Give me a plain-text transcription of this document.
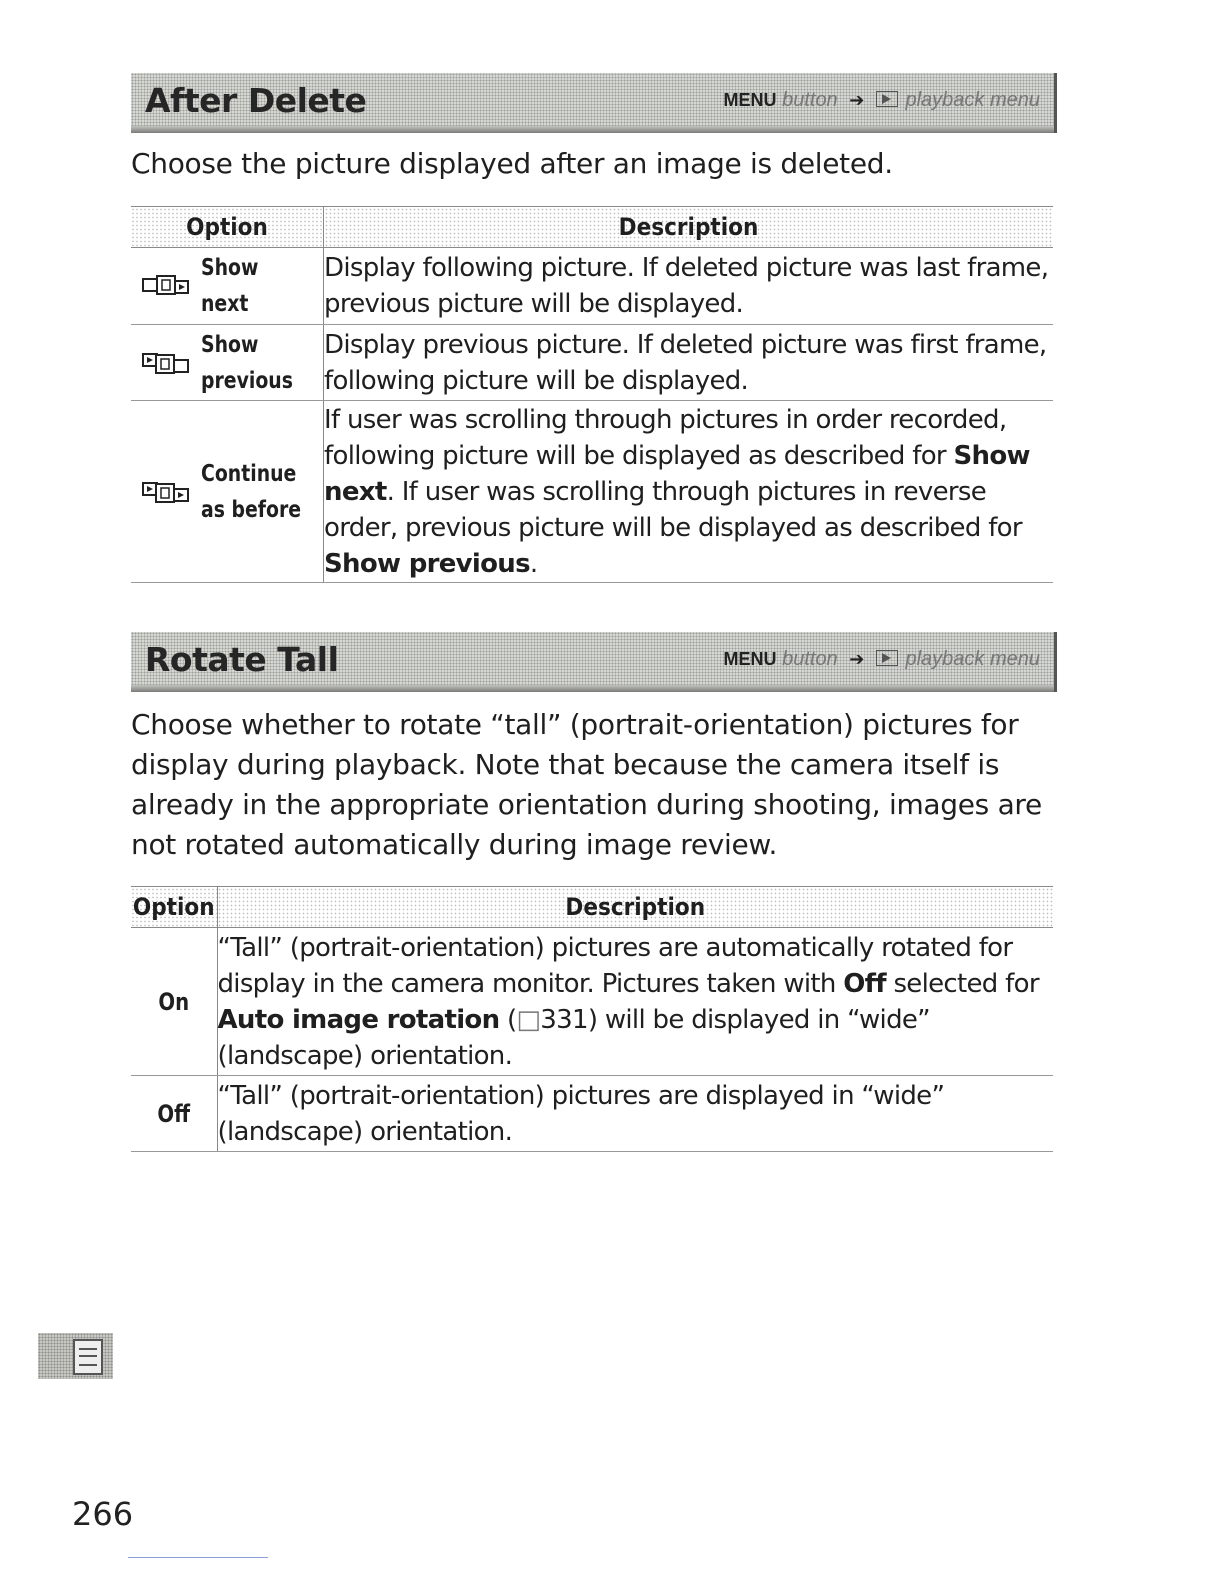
After Delete	MENU button ➔ playback menu

Choose the picture displayed after an image is deleted.

Option	Description

Show
next	Display following picture. If deleted picture was last frame, previous picture will be displayed.

Show
previous	Display previous picture. If deleted picture was first frame, following picture will be displayed.

Continue
as before	If user was scrolling through pictures in order recorded, following picture will be displayed as described for Show next. If user was scrolling through pictures in reverse order, previous picture will be displayed as described for Show previous.
Rotate Tall	MENU button ➔ playback menu

Choose whether to rotate “tall” (portrait-orientation) pictures for display during playback. Note that because the camera itself is already in the appropriate orientation during shooting, images are not rotated automatically during image review.

Option	Description

On	“Tall” (portrait-orientation) pictures are automatically rotated for display in the camera monitor. Pictures taken with Off selected for Auto image rotation (□331) will be displayed in “wide” (landscape) orientation.

Off	“Tall” (portrait-orientation) pictures are displayed in “wide” (landscape) orientation.
266
